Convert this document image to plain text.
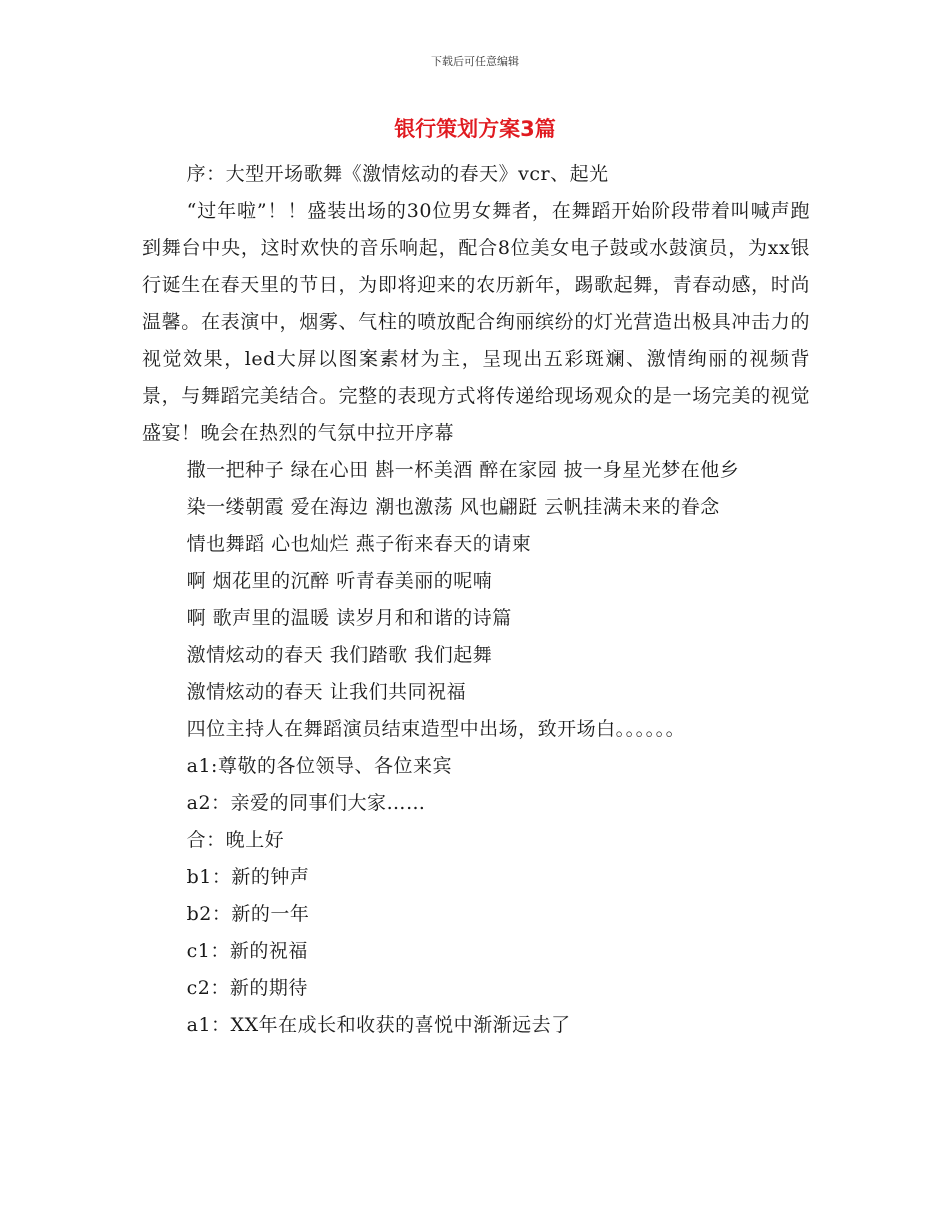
下载后可任意编辑
银行策划方案3篇

序：大型开场歌舞《激情炫动的春天》vcr、起光

“过年啦”！！盛装出场的30位男女舞者，在舞蹈开始阶段带着叫喊声跑到舞台中央，这时欢快的音乐响起，配合8位美女电子鼓或水鼓演员，为xx银行诞生在春天里的节日，为即将迎来的农历新年，踢歌起舞，青春动感，时尚温馨。在表演中，烟雾、气柱的喷放配合绚丽缤纷的灯光营造出极具冲击力的视觉效果，led大屏以图案素材为主，呈现出五彩斑斓、激情绚丽的视频背景，与舞蹈完美结合。完整的表现方式将传递给现场观众的是一场完美的视觉盛宴！晚会在热烈的气氛中拉开序幕

撒一把种子 绿在心田 斟一杯美酒 醉在家园 披一身星光梦在他乡

染一缕朝霞 爱在海边 潮也激荡 风也翩跹 云帆挂满未来的眷念

情也舞蹈 心也灿烂 燕子衔来春天的请柬

啊 烟花里的沉醉 听青春美丽的呢喃

啊 歌声里的温暖 读岁月和和谐的诗篇

激情炫动的春天 我们踏歌 我们起舞

激情炫动的春天 让我们共同祝福

四位主持人在舞蹈演员结束造型中出场，致开场白。。。。。。

a1:尊敬的各位领导、各位来宾

a2：亲爱的同事们大家……

合：晚上好

b1：新的钟声

b2：新的一年

c1：新的祝福

c2：新的期待

a1：XX年在成长和收获的喜悦中渐渐远去了
